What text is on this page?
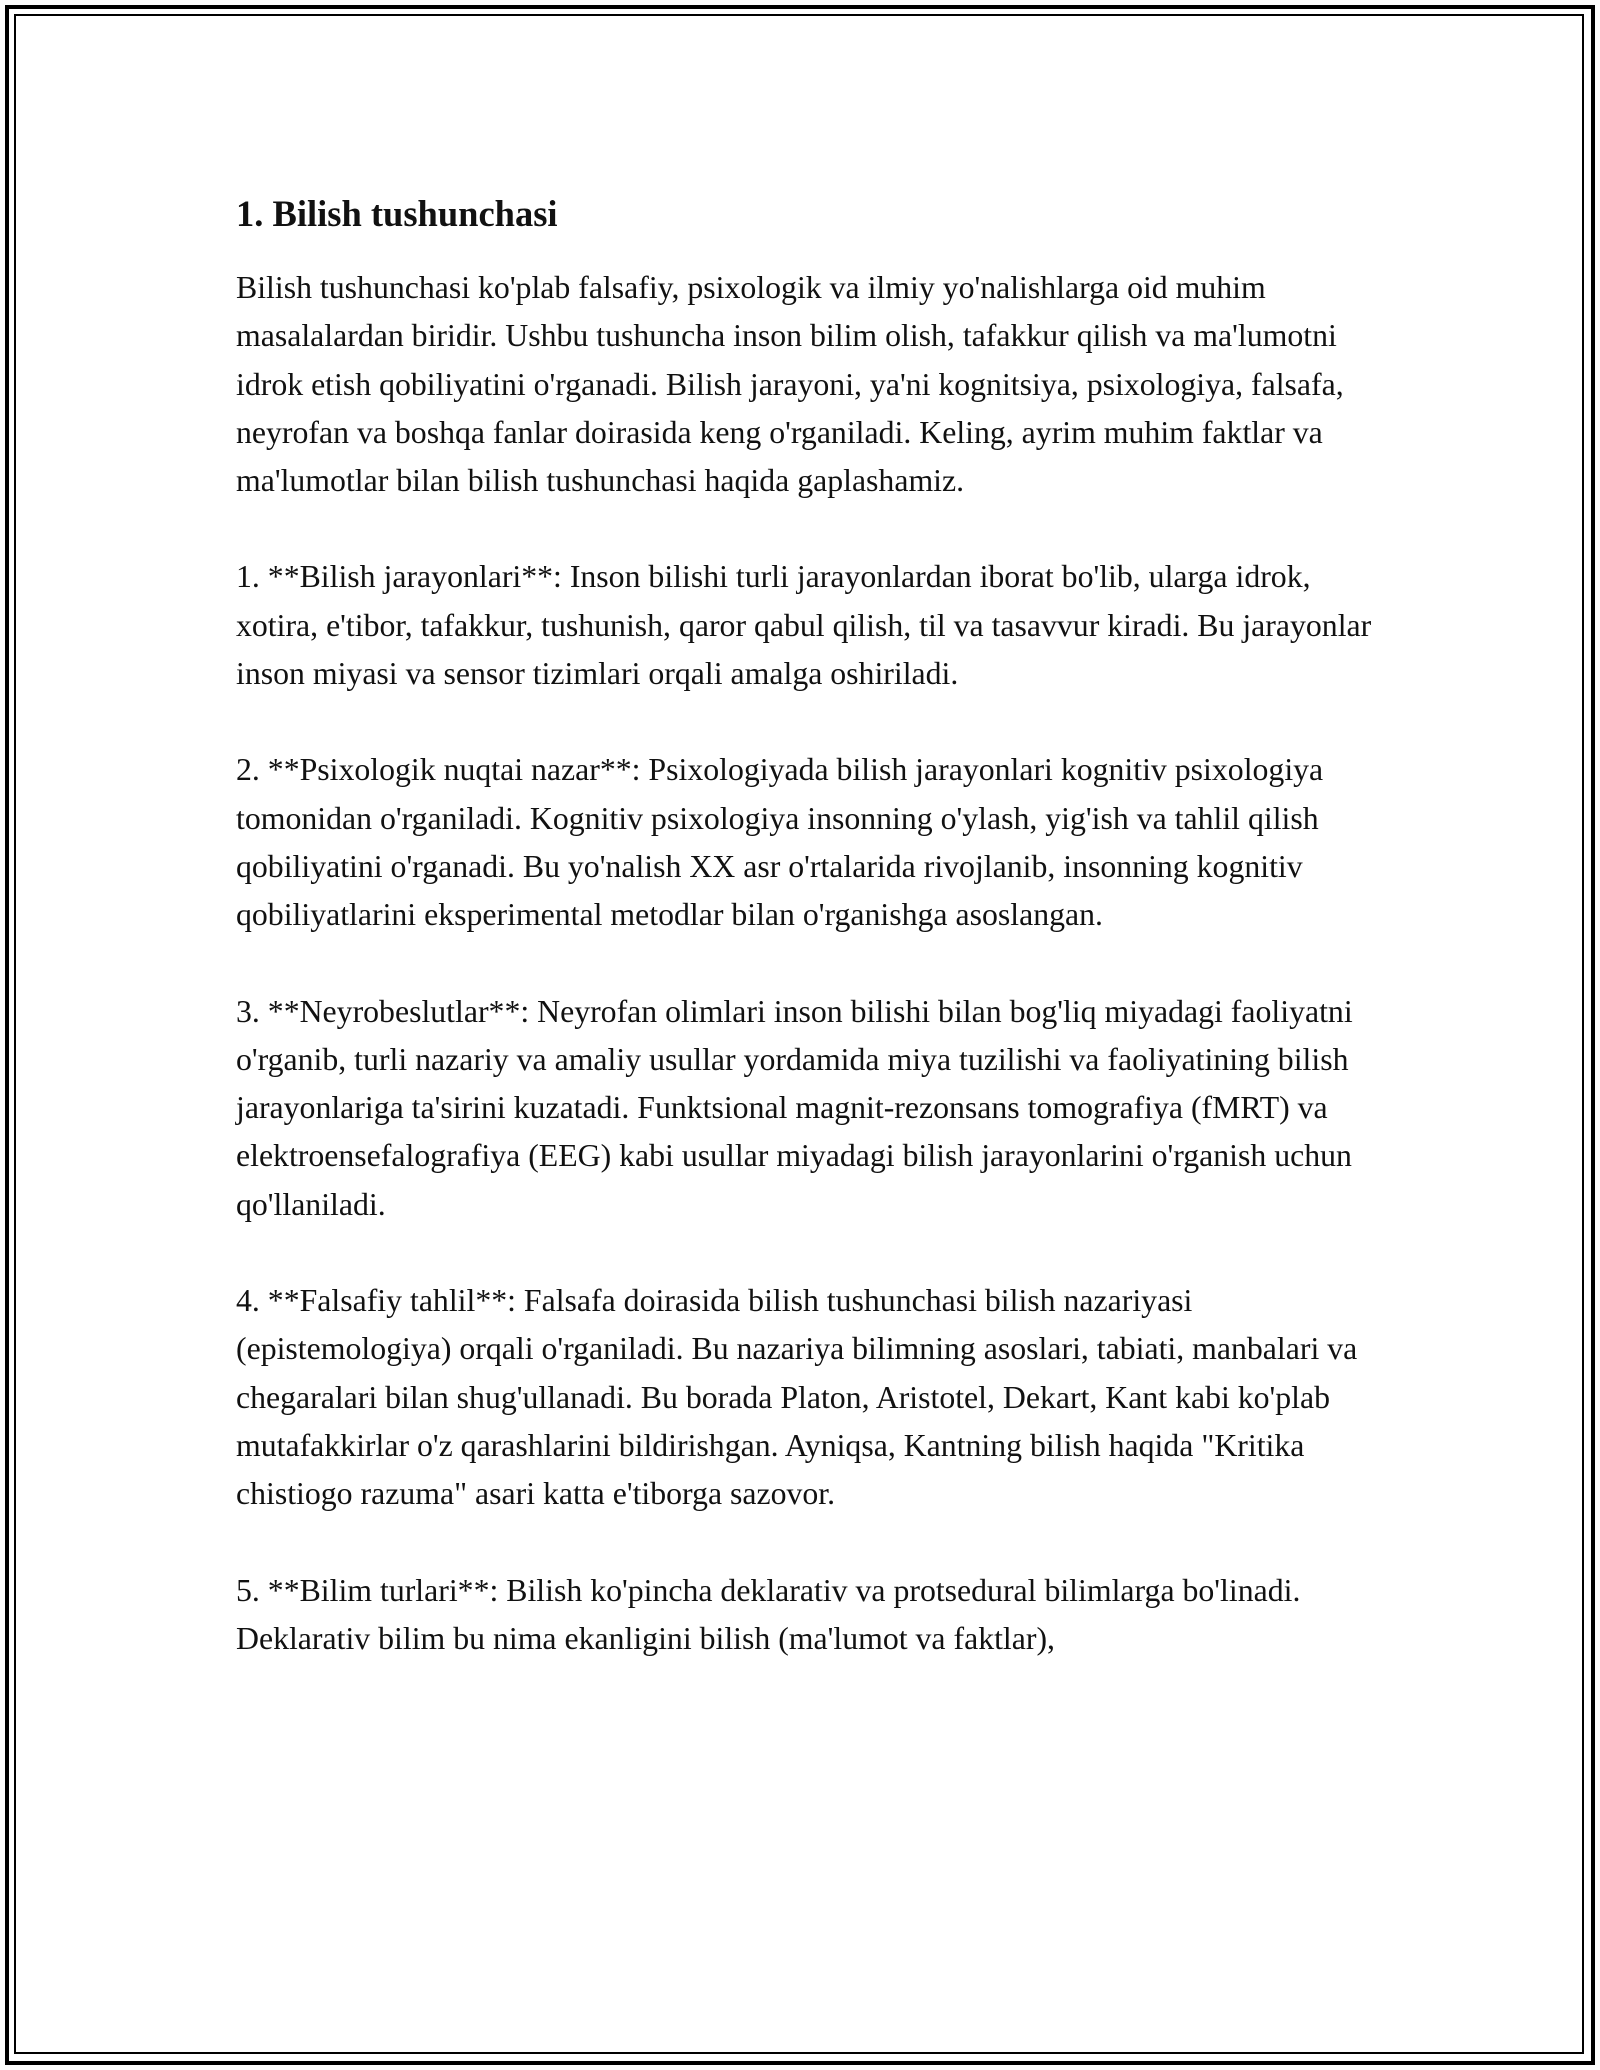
1. Bilish tushunchasi

Bilish tushunchasi ko'plab falsafiy, psixologik va ilmiy yo'nalishlarga oid muhim masalalardan biridir. Ushbu tushuncha inson bilim olish, tafakkur qilish va ma'lumotni idrok etish qobiliyatini o'rganadi. Bilish jarayoni, ya'ni kognitsiya, psixologiya, falsafa, neyrofan va boshqa fanlar doirasida keng o'rganiladi. Keling, ayrim muhim faktlar va ma'lumotlar bilan bilish tushunchasi haqida gaplashamiz.

1. **Bilish jarayonlari**: Inson bilishi turli jarayonlardan iborat bo'lib, ularga idrok, xotira, e'tibor, tafakkur, tushunish, qaror qabul qilish, til va tasavvur kiradi. Bu jarayonlar inson miyasi va sensor tizimlari orqali amalga oshiriladi.

2. **Psixologik nuqtai nazar**: Psixologiyada bilish jarayonlari kognitiv psixologiya tomonidan o'rganiladi. Kognitiv psixologiya insonning o'ylash, yig'ish va tahlil qilish qobiliyatini o'rganadi. Bu yo'nalish XX asr o'rtalarida rivojlanib, insonning kognitiv qobiliyatlarini eksperimental metodlar bilan o'rganishga asoslangan.

3. **Neyrobeslutlar**: Neyrofan olimlari inson bilishi bilan bog'liq miyadagi faoliyatni o'rganib, turli nazariy va amaliy usullar yordamida miya tuzilishi va faoliyatining bilish jarayonlariga ta'sirini kuzatadi. Funktsional magnit-rezonsans tomografiya (fMRT) va elektroensefalografiya (EEG) kabi usullar miyadagi bilish jarayonlarini o'rganish uchun qo'llaniladi.

4. **Falsafiy tahlil**: Falsafa doirasida bilish tushunchasi bilish nazariyasi (epistemologiya) orqali o'rganiladi. Bu nazariya bilimning asoslari, tabiati, manbalari va chegaralari bilan shug'ullanadi. Bu borada Platon, Aristotel, Dekart, Kant kabi ko'plab mutafakkirlar o'z qarashlarini bildirishgan. Ayniqsa, Kantning bilish haqida "Kritika chistiogo razuma" asari katta e'tiborga sazovor.

5. **Bilim turlari**: Bilish ko'pincha deklarativ va protsedural bilimlarga bo'linadi. Deklarativ bilim bu nima ekanligini bilish (ma'lumot va faktlar),
